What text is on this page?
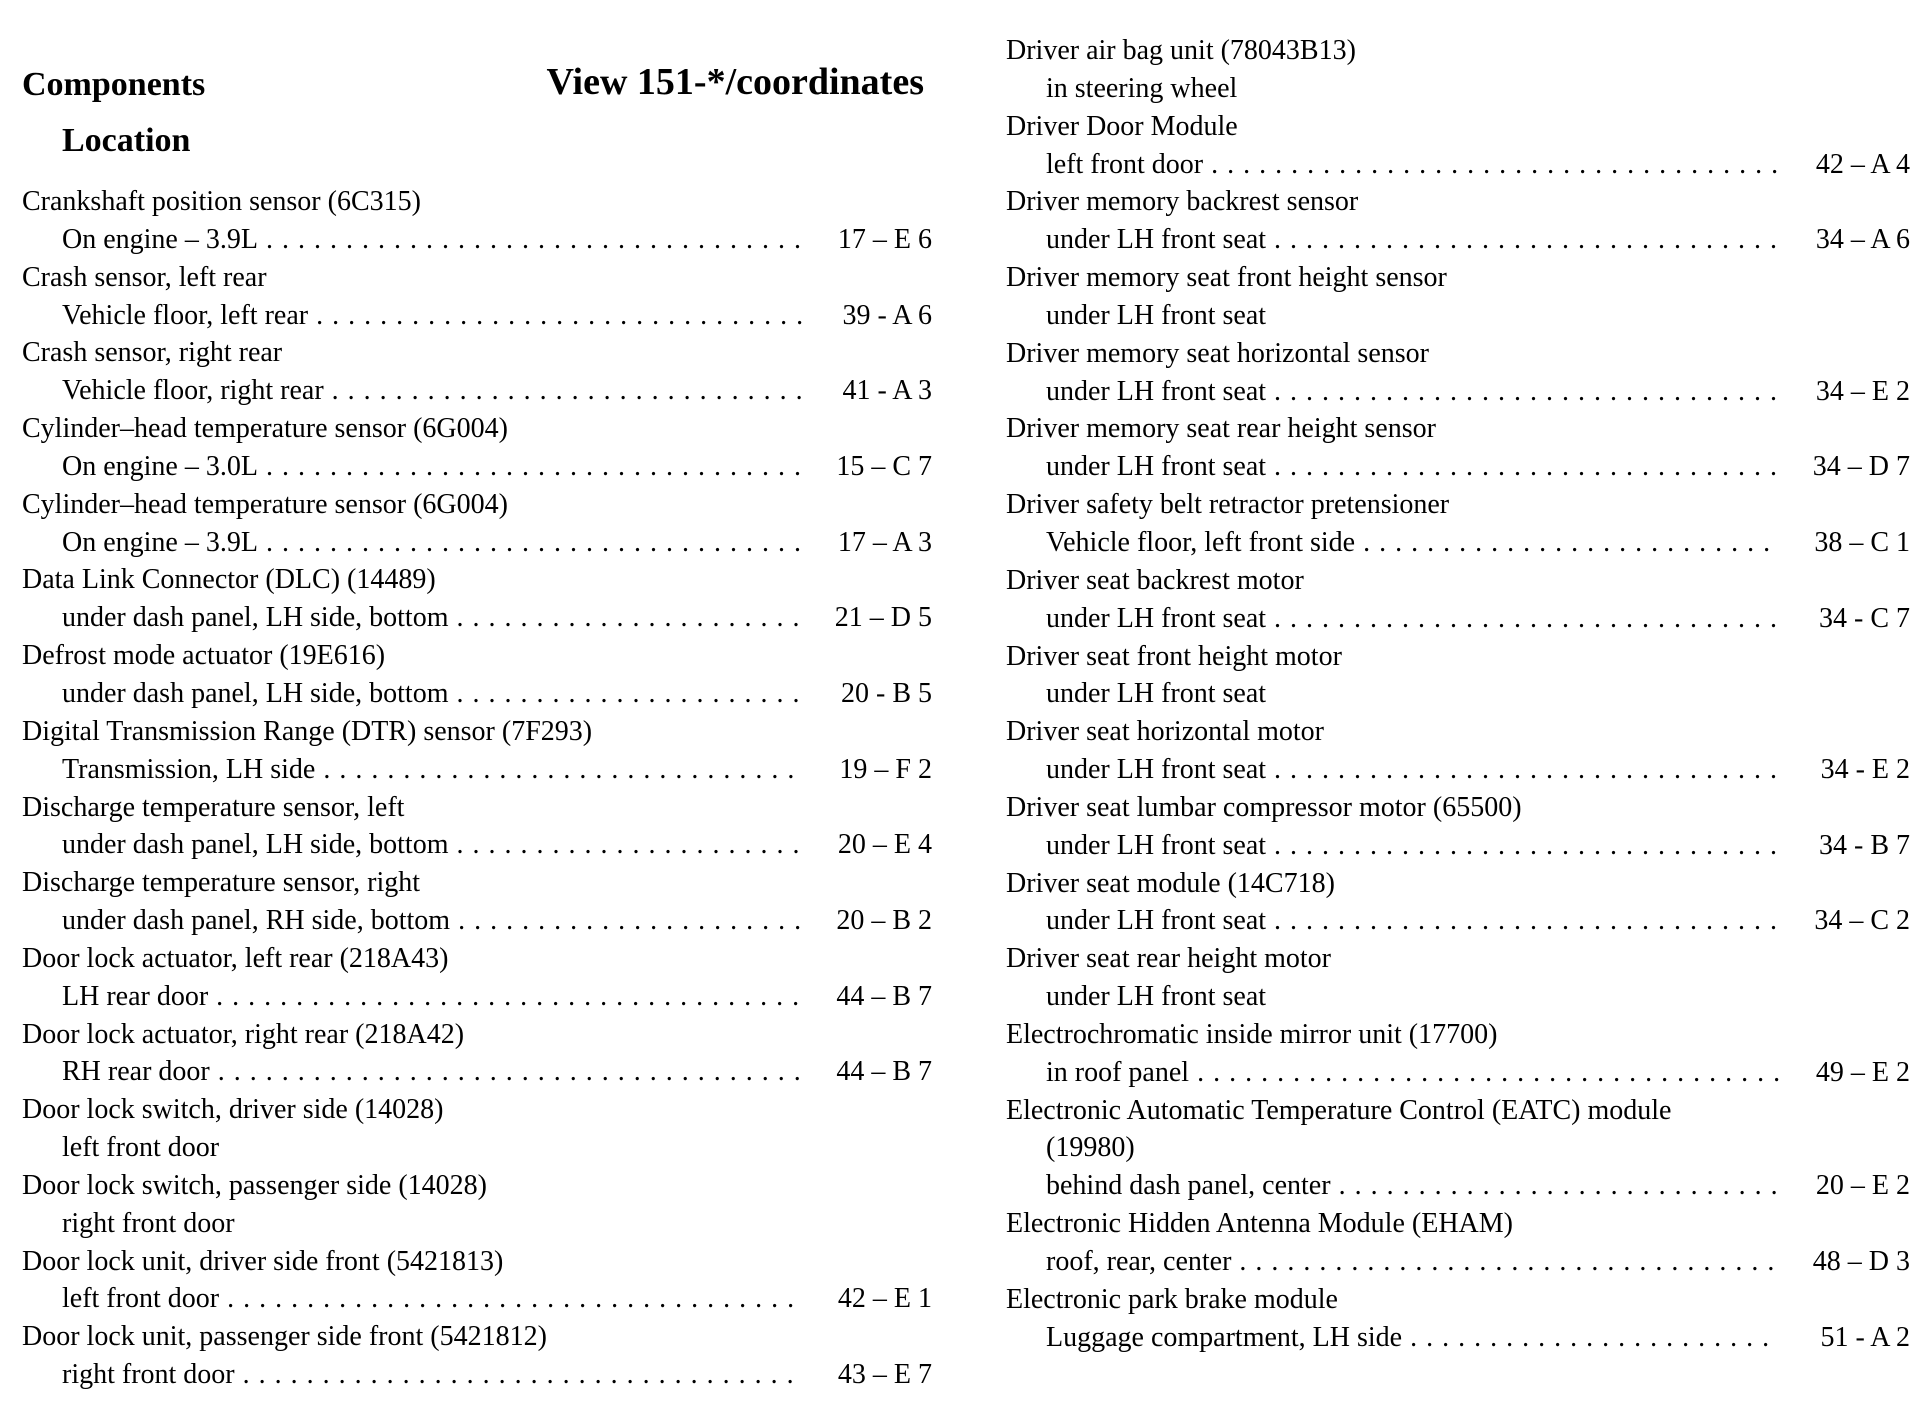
Components	View 151-*/coordinates
Location
Crankshaft position sensor (6C315)
On engine – 3.9L . . .	17 – E 6
Crash sensor, left rear
Vehicle floor, left rear . . .	39 - A 6
Crash sensor, right rear
Vehicle floor, right rear . . .	41 - A 3
Cylinder–head temperature sensor (6G004)
On engine – 3.0L . . .	15 – C 7
Cylinder–head temperature sensor (6G004)
On engine – 3.9L . . .	17 – A 3
Data Link Connector (DLC) (14489)
under dash panel, LH side, bottom . . .	21 – D 5
Defrost mode actuator (19E616)
under dash panel, LH side, bottom . . .	20 - B 5
Digital Transmission Range (DTR) sensor (7F293)
Transmission, LH side . . .	19 – F 2
Discharge temperature sensor, left
under dash panel, LH side, bottom . . .	20 – E 4
Discharge temperature sensor, right
under dash panel, RH side, bottom . . .	20 – B 2
Door lock actuator, left rear (218A43)
LH rear door . . .	44 – B 7
Door lock actuator, right rear (218A42)
RH rear door . . .	44 – B 7
Door lock switch, driver side (14028)
left front door
Door lock switch, passenger side (14028)
right front door
Door lock unit, driver side front (5421813)
left front door . . .	42 – E 1
Door lock unit, passenger side front (5421812)
right front door . . .	43 – E 7
Driver air bag unit (78043B13)
in steering wheel
Driver Door Module
left front door . . .	42 – A 4
Driver memory backrest sensor
under LH front seat . . .	34 – A 6
Driver memory seat front height sensor
under LH front seat
Driver memory seat horizontal sensor
under LH front seat . . .	34 – E 2
Driver memory seat rear height sensor
under LH front seat . . .	34 – D 7
Driver safety belt retractor pretensioner
Vehicle floor, left front side . . .	38 – C 1
Driver seat backrest motor
under LH front seat . . .	34 - C 7
Driver seat front height motor
under LH front seat
Driver seat horizontal motor
under LH front seat . . .	34 - E 2
Driver seat lumbar compressor motor (65500)
under LH front seat . . .	34 - B 7
Driver seat module (14C718)
under LH front seat . . .	34 – C 2
Driver seat rear height motor
under LH front seat
Electrochromatic inside mirror unit (17700)
in roof panel . . .	49 – E 2
Electronic Automatic Temperature Control (EATC) module
(19980)
behind dash panel, center . . .	20 – E 2
Electronic Hidden Antenna Module (EHAM)
roof, rear, center . . .	48 – D 3
Electronic park brake module
Luggage compartment, LH side . . .	51 - A 2
